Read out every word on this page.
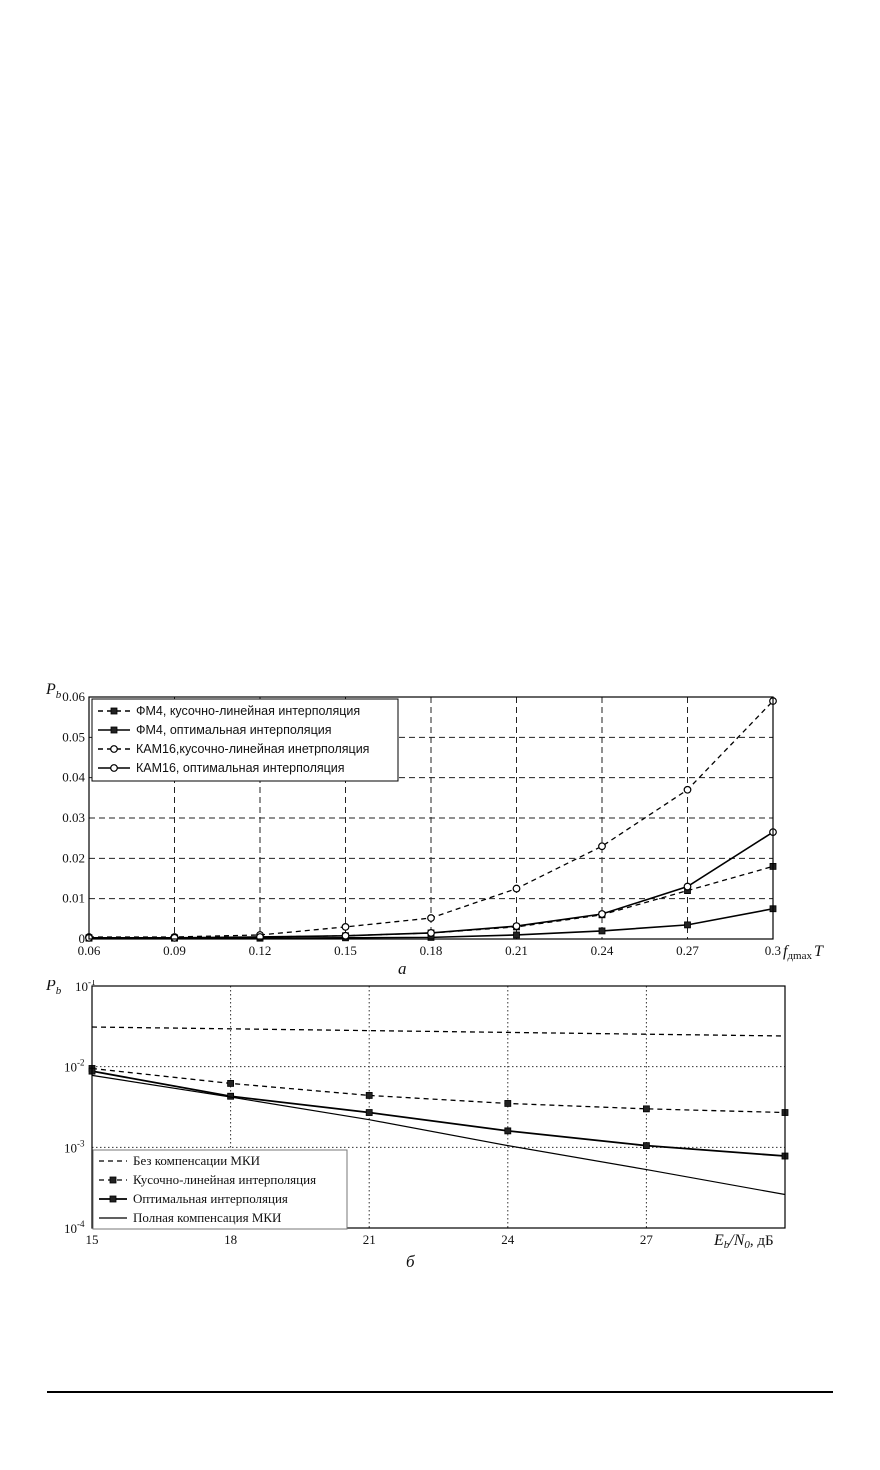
0.06	0.09	0.12	0.15	0.18	0.21	0.24	0.27	0.3
0
0.01
0.02
0.03
0.04
0.05
0.06
ФМ4, кусочно-линейная интерполяция
ФМ4, оптимальная интерполяция
КАМ16,кусочно-линейная инетрполяция
КАМ16, оптимальная интерполяция
$P_b$
fдmax T
а
15	18	21	24	27
$10^{-1}$
$10^{-2}$
$10^{-3}$
$10^{-4}$
Без компенсации МКИ
Кусочно-линейная интерполяция
Оптимальная интерполяция
Полная компенсация МКИ
$P_b$
Eb/N0, дБ
б
